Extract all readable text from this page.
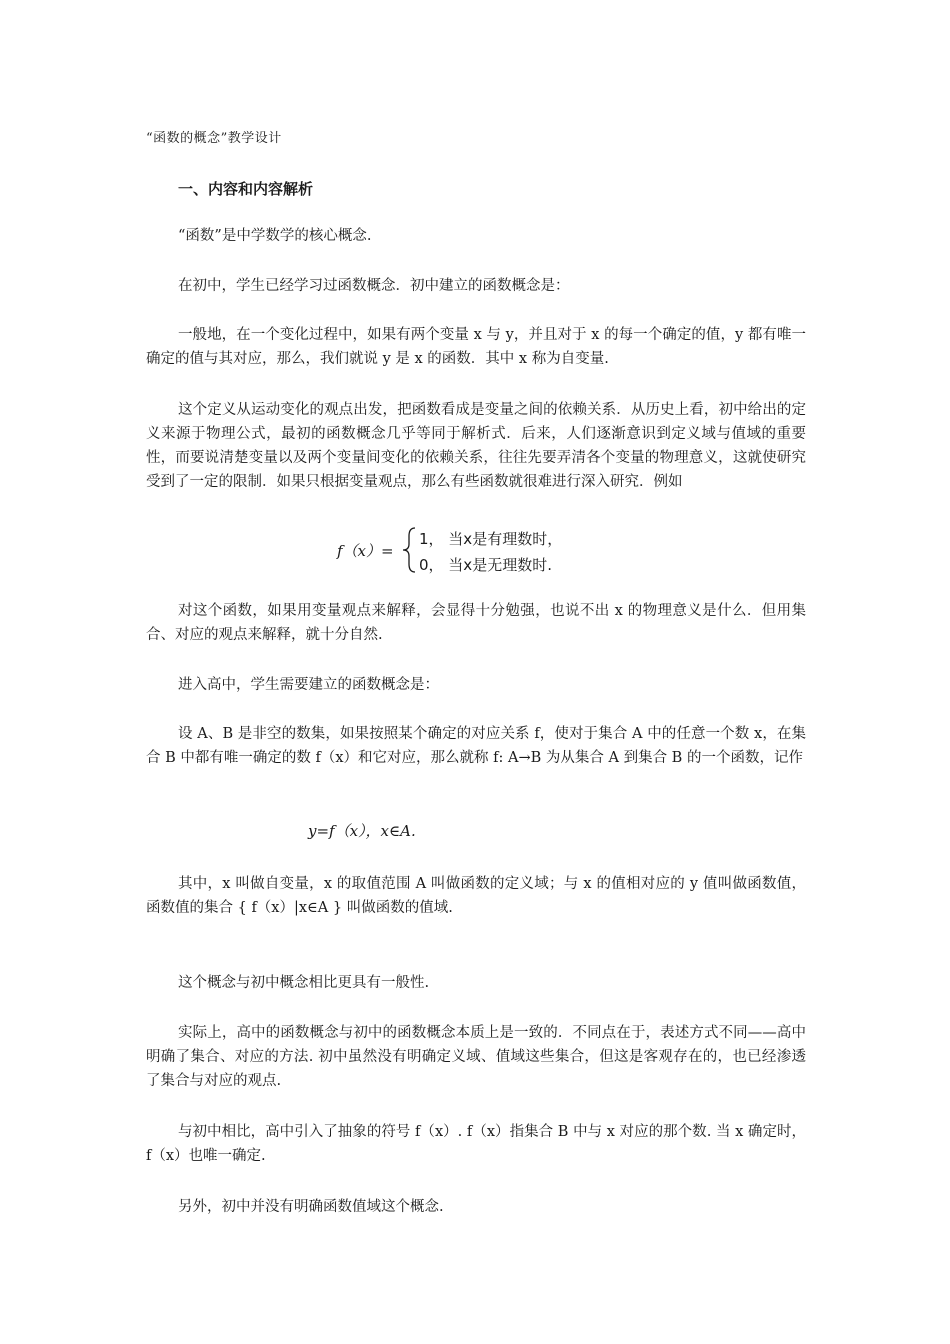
“函数的概念”教学设计
一、内容和内容解析
“函数”是中学数学的核心概念.
在初中，学生已经学习过函数概念．初中建立的函数概念是：
一般地，在一个变化过程中，如果有两个变量 x 与 y，并且对于 x 的每一个确定的值，y 都有唯一确定的值与其对应，那么，我们就说 y 是 x 的函数．其中 x 称为自变量.
这个定义从运动变化的观点出发，把函数看成是变量之间的依赖关系．从历史上看，初中给出的定义来源于物理公式，最初的函数概念几乎等同于解析式．后来，人们逐渐意识到定义域与值域的重要性，而要说清楚变量以及两个变量间变化的依赖关系，往往先要弄清各个变量的物理意义，这就使研究受到了一定的限制．如果只根据变量观点，那么有些函数就很难进行深入研究．例如
f（x）=
1， 当x是有理数时，
0， 当x是无理数时.
对这个函数，如果用变量观点来解释，会显得十分勉强，也说不出 x 的物理意义是什么．但用集合、对应的观点来解释，就十分自然.
进入高中，学生需要建立的函数概念是：
设 A、B 是非空的数集，如果按照某个确定的对应关系 f，使对于集合 A 中的任意一个数 x，在集合 B 中都有唯一确定的数 f（x）和它对应，那么就称 f: A→B 为从集合 A 到集合 B 的一个函数，记作
y=f（x），x∈A.
其中，x 叫做自变量，x 的取值范围 A 叫做函数的定义域；与 x 的值相对应的 y 值叫做函数值，函数值的集合 { f（x）|x∈A } 叫做函数的值域.
这个概念与初中概念相比更具有一般性.
实际上，高中的函数概念与初中的函数概念本质上是一致的．不同点在于，表述方式不同——高中明确了集合、对应的方法. 初中虽然没有明确定义域、值域这些集合，但这是客观存在的，也已经渗透了集合与对应的观点.
与初中相比，高中引入了抽象的符号 f（x）. f（x）指集合 B 中与 x 对应的那个数. 当 x 确定时，f（x）也唯一确定.
另外，初中并没有明确函数值域这个概念.
